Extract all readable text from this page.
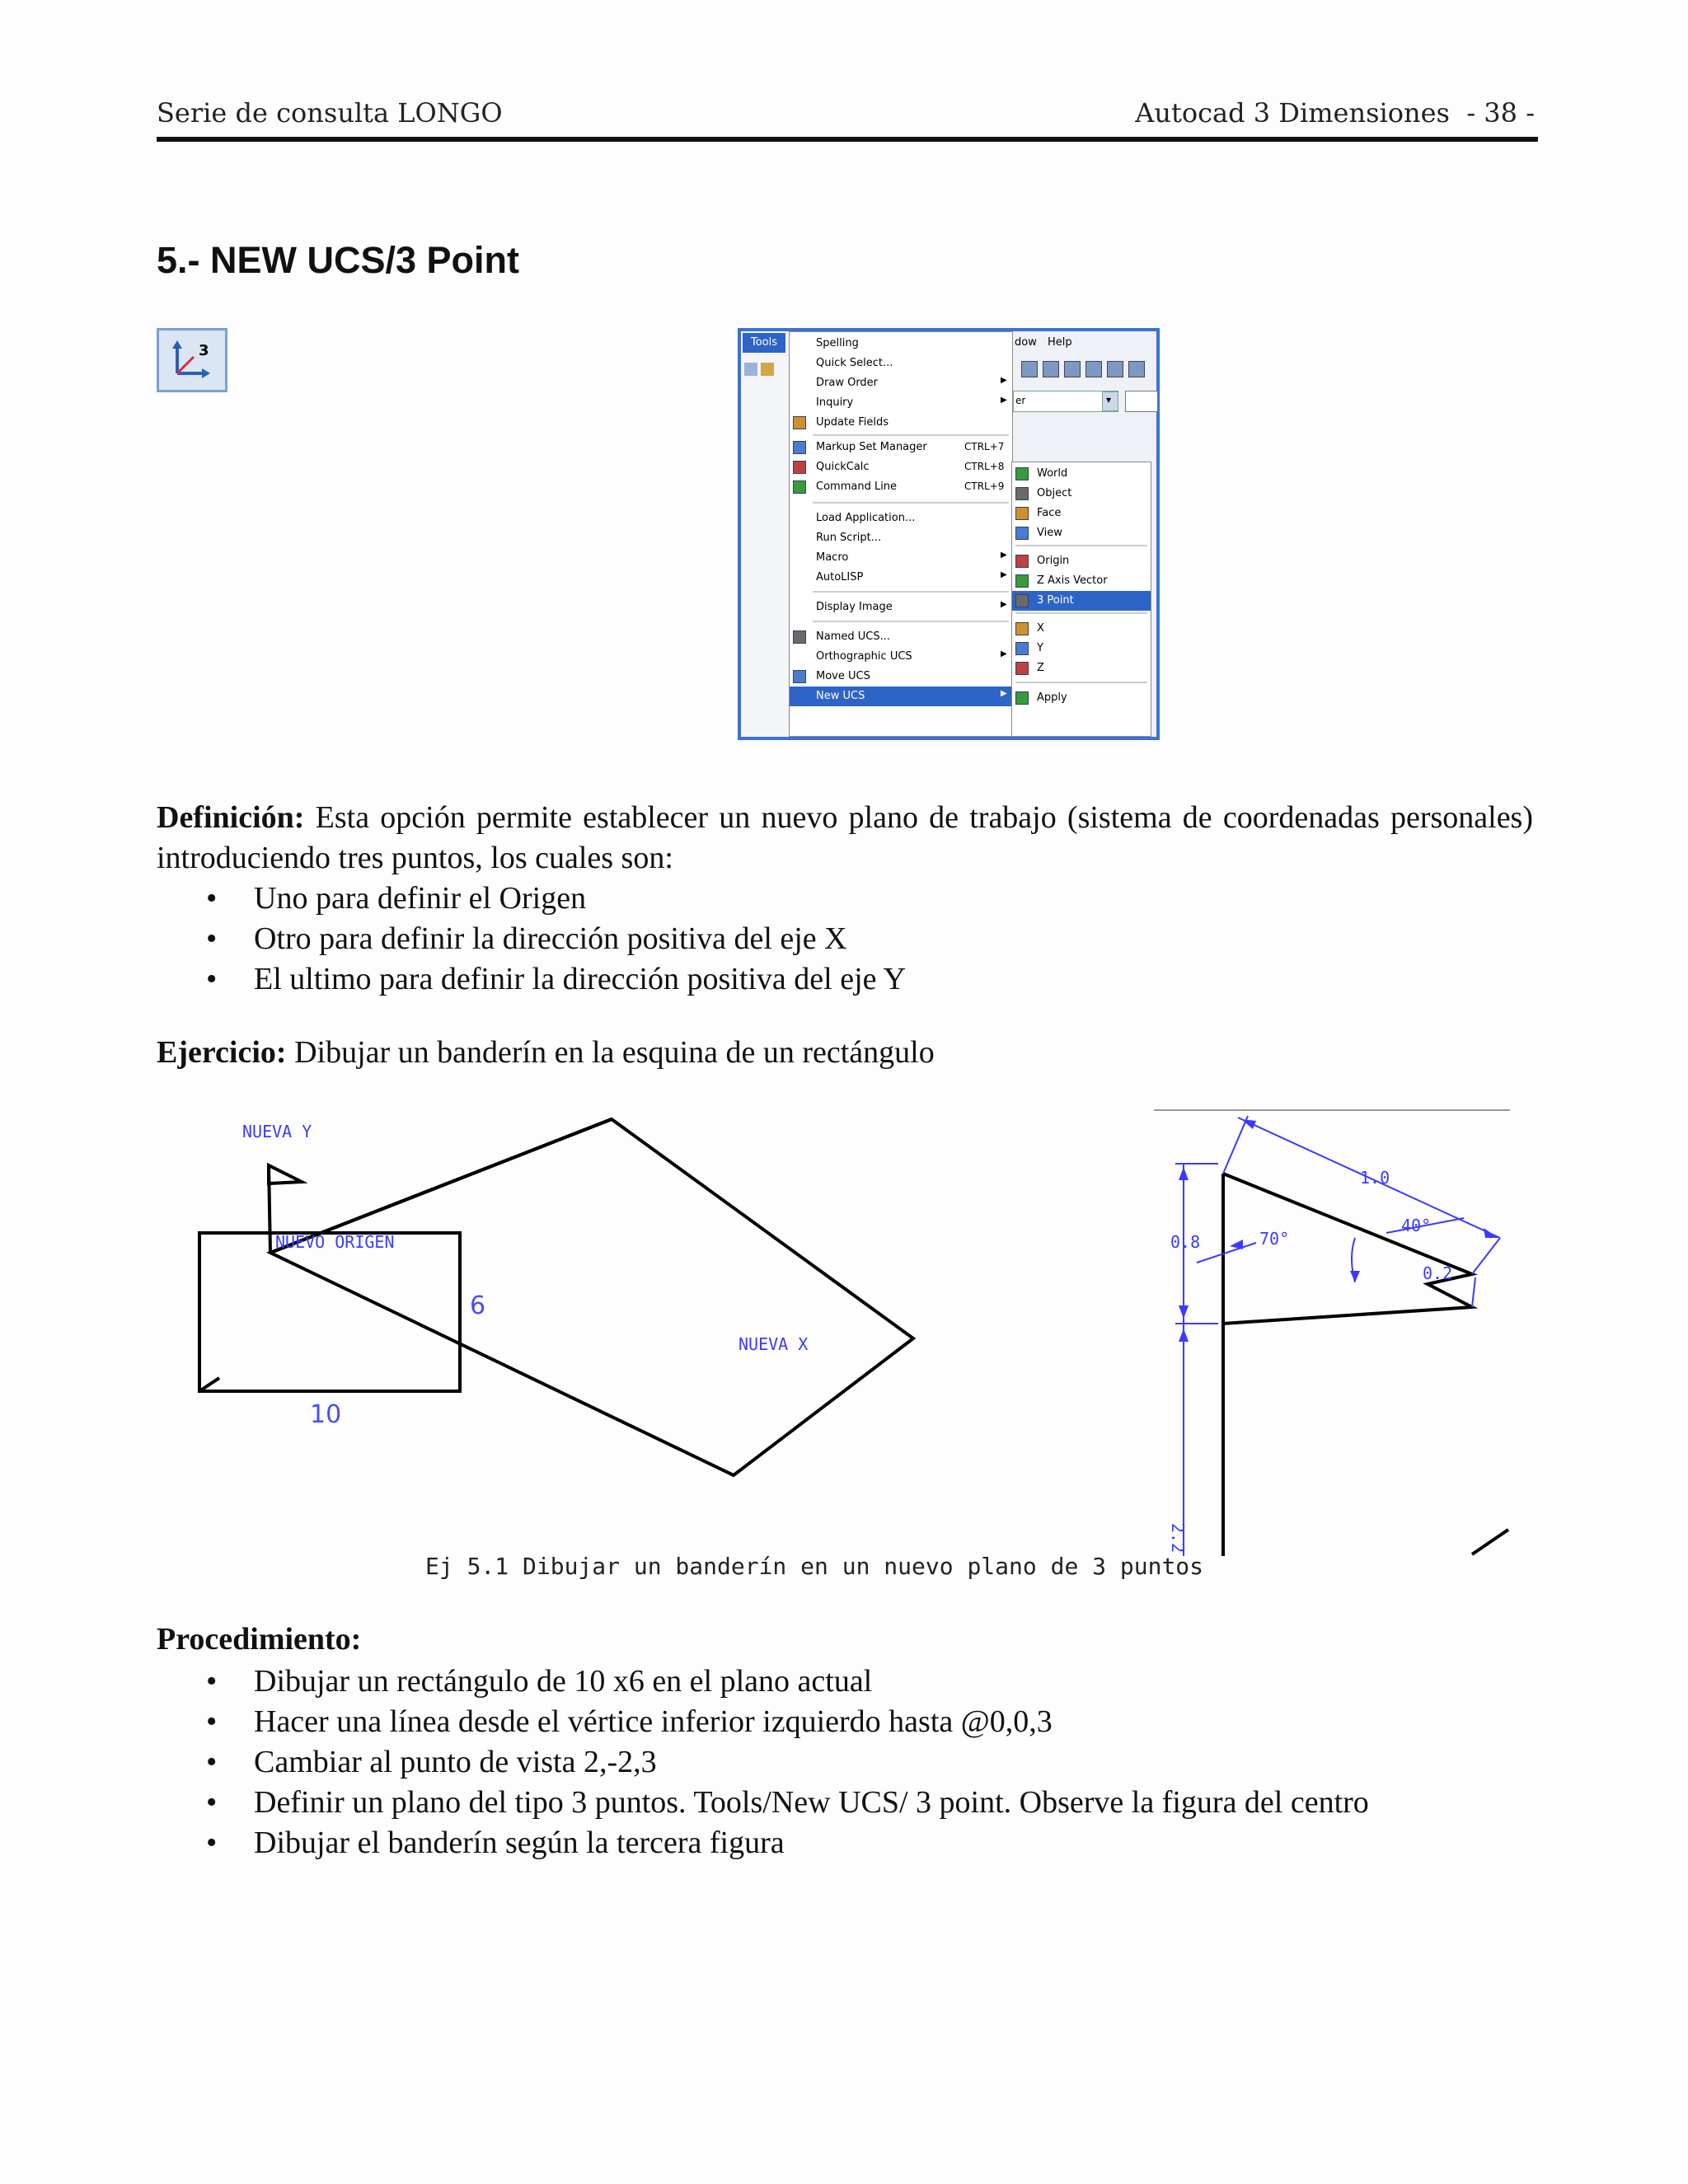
Serie de consulta LONGO	Autocad 3 Dimensiones  - 38 -
5.- NEW UCS/3 Point
3	Tools	dow Help
er	▾
Spelling
Quick Select...
Draw Order	▶
Inquiry	▶
Update Fields
Markup Set Manager	CTRL+7
QuickCalc	CTRL+8
Command Line	CTRL+9
Load Application...
Run Script...
Macro	▶
AutoLISP	▶
Display Image	▶
Named UCS...
Orthographic UCS	▶
Move UCS
New UCS	▶
World
Object
Face
View
Origin
Z Axis Vector
3 Point
X
Y
Z
Apply

Definición: Esta opción permite establecer un nuevo plano de trabajo (sistema de coordenadas personales) introduciendo tres puntos, los cuales son:

• Uno para definir el Origen
• Otro para definir la dirección positiva del eje X
• El ultimo para definir la dirección positiva del eje Y

Ejercicio: Dibujar un banderín en la esquina de un rectángulo

6
10
NUEVA Y
NUEVO ORIGEN
NUEVA X
1.0
40°
70°
0.8
0.2
2.2
Ej 5.1 Dibujar un banderín en un nuevo plano de 3 puntos

Procedimiento:

• Dibujar un rectángulo de 10 x6 en el plano actual
• Hacer una línea desde el vértice inferior izquierdo hasta @0,0,3
• Cambiar al punto de vista 2,-2,3
• Definir un plano del tipo 3 puntos. Tools/New UCS/ 3 point. Observe la figura del centro
• Dibujar el banderín según la tercera figura
